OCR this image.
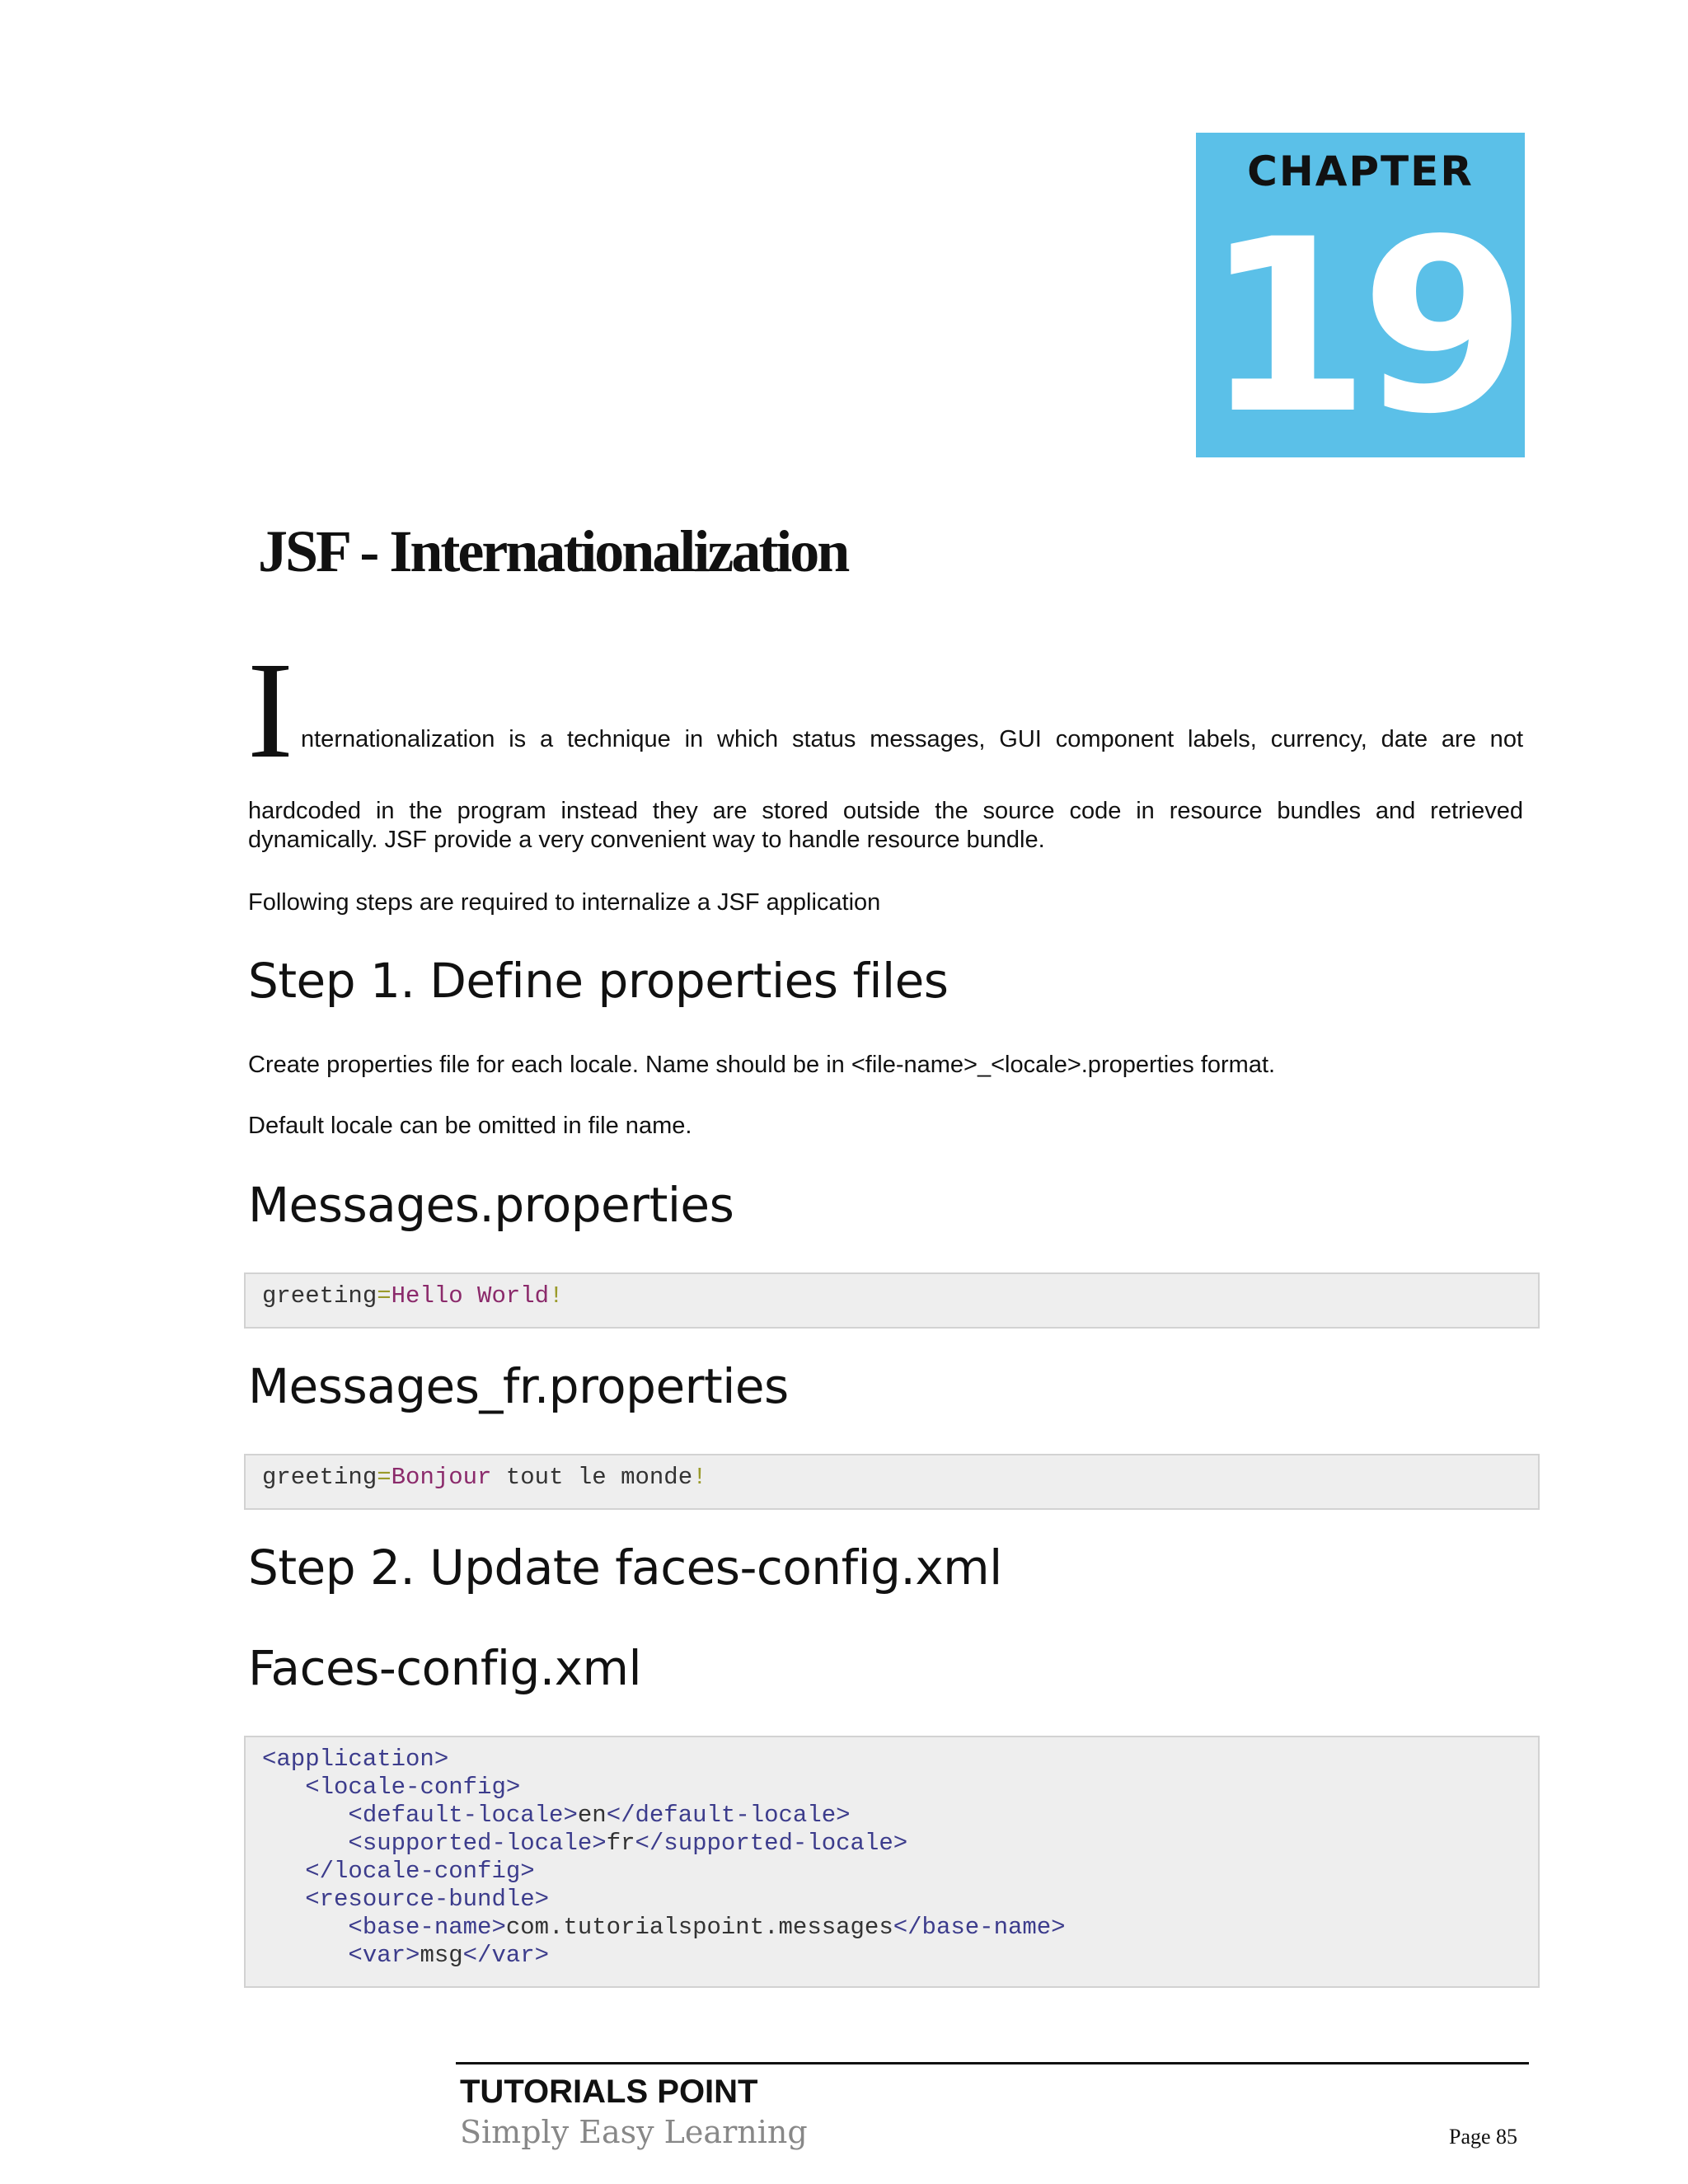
CHAPTER
19
JSF - Internationalization
I nternationalization is a technique in which status messages, GUI component labels, currency, date are not

hardcoded in the program instead they are stored outside the source code in resource bundles and retrieved dynamically. JSF provide a very convenient way to handle resource bundle.

Following steps are required to internalize a JSF application

Step 1. Define properties files

Create properties file for each locale. Name should be in <file-name>_<locale>.properties format.

Default locale can be omitted in file name.

Messages.properties
greeting=Hello World!
Messages_fr.properties
greeting=Bonjour tout le monde!
Step 2. Update faces-config.xml
Faces-config.xml
<application>
<locale-config>
<default-locale>en</default-locale>
<supported-locale>fr</supported-locale>
</locale-config>
<resource-bundle>
<base-name>com.tutorialspoint.messages</base-name>
<var>msg</var>
TUTORIALS POINT
Simply Easy Learning	Page 85
